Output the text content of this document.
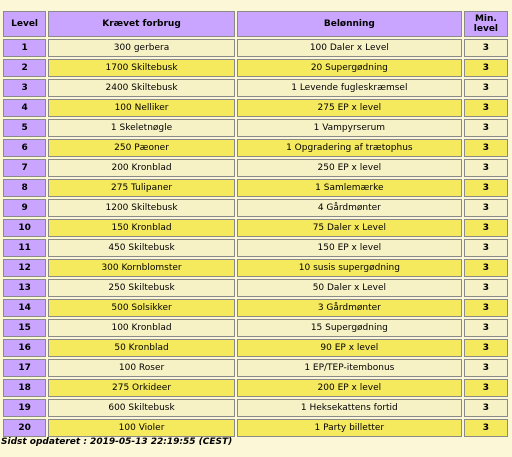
Level	Krævet forbrug	Belønning	Min. level
1	300 gerbera	100 Daler x Level	3
2	1700 Skiltebusk	20 Supergødning	3
3	2400 Skiltebusk	1 Levende fugleskræmsel	3
4	100 Nelliker	275 EP x level	3
5	1 Skeletnøgle	1 Vampyrserum	3
6	250 Pæoner	1 Opgradering af trætophus	3
7	200 Kronblad	250 EP x level	3
8	275 Tulipaner	1 Samlemærke	3
9	1200 Skiltebusk	4 Gårdmønter	3
10	150 Kronblad	75 Daler x Level	3
11	450 Skiltebusk	150 EP x level	3
12	300 Kornblomster	10 susis supergødning	3
13	250 Skiltebusk	50 Daler x Level	3
14	500 Solsikker	3 Gårdmønter	3
15	100 Kronblad	15 Supergødning	3
16	50 Kronblad	90 EP x level	3
17	100 Roser	1 EP/TEP-itembonus	3
18	275 Orkideer	200 EP x level	3
19	600 Skiltebusk	1 Heksekattens fortid	3
20	100 Violer	1 Party billetter	3
Sidst opdateret : 2019-05-13 22:19:55 (CEST)
